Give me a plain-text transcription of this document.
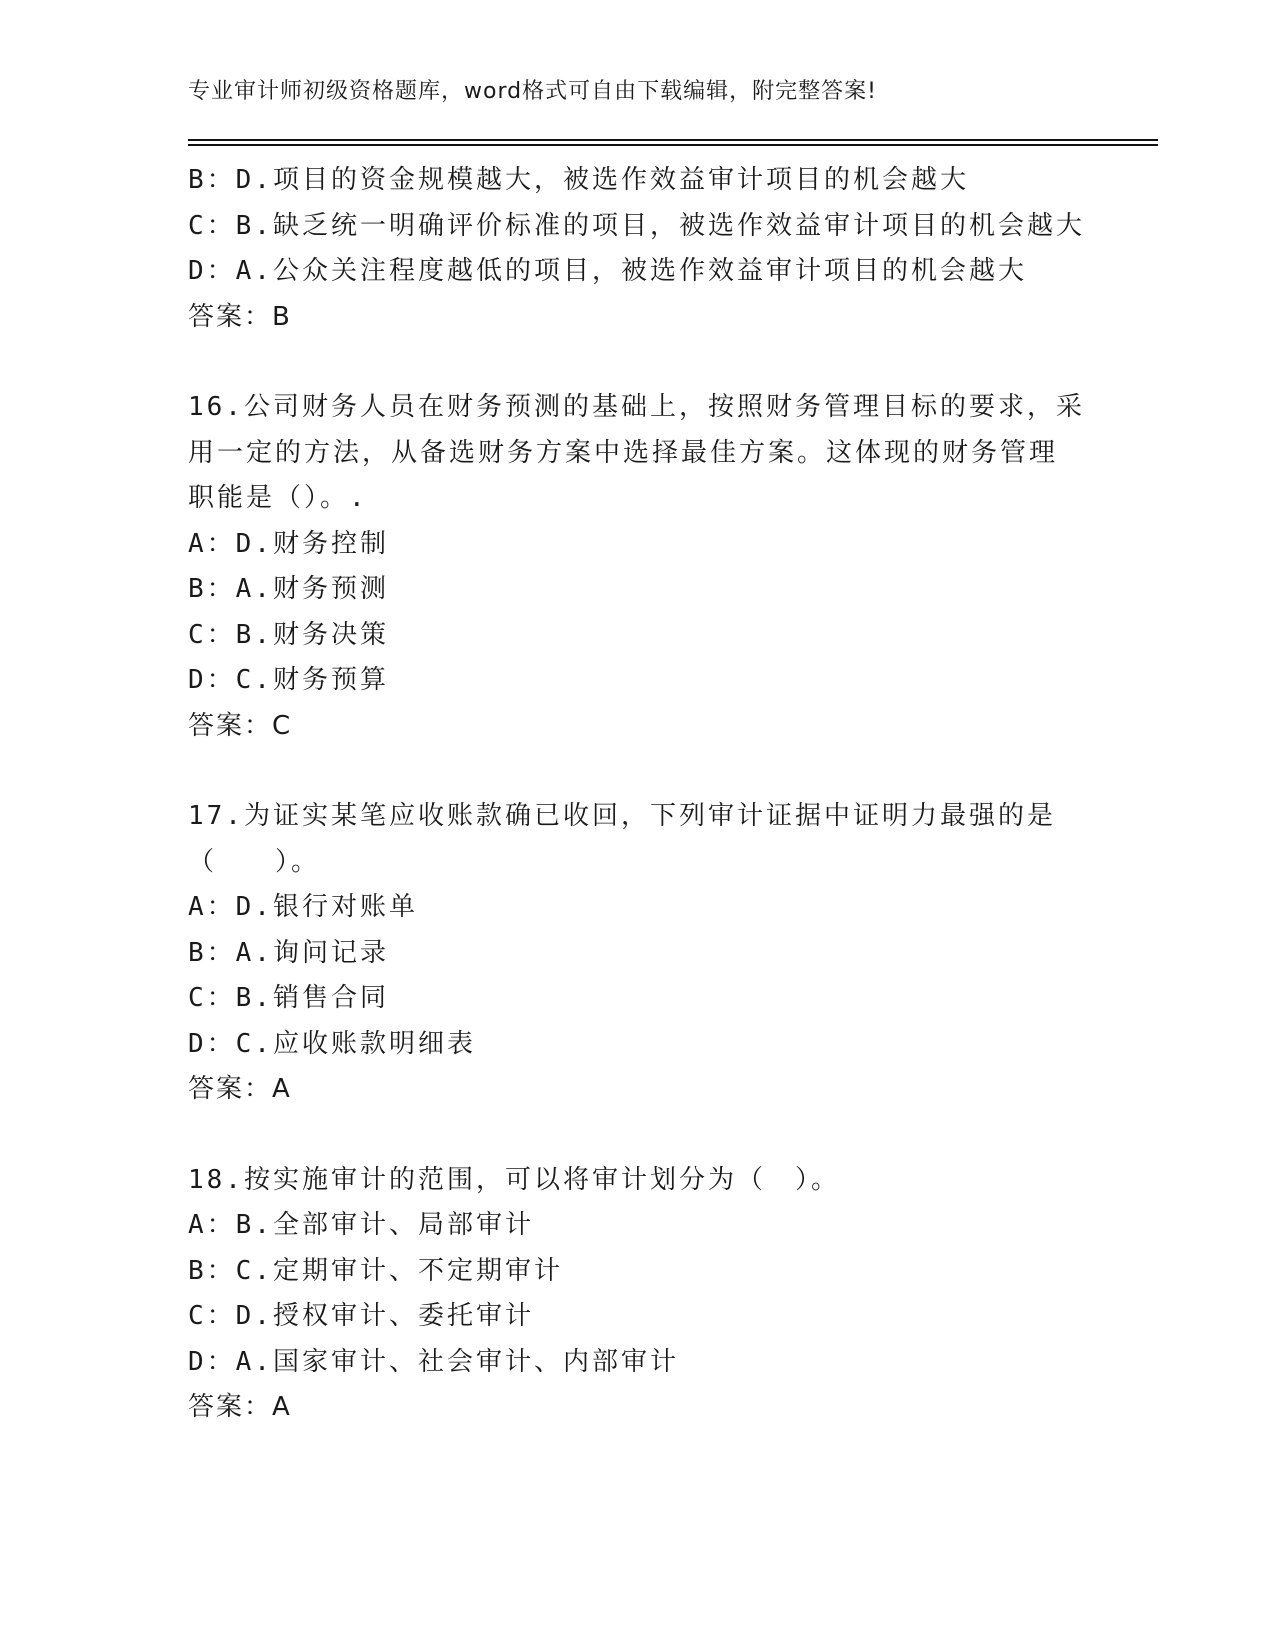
专业审计师初级资格题库，word格式可自由下载编辑，附完整答案!
B：D.项目的资金规模越大，被选作效益审计项目的机会越大
C：B.缺乏统一明确评价标准的项目，被选作效益审计项目的机会越大
D：A.公众关注程度越低的项目，被选作效益审计项目的机会越大
答案：B
16.公司财务人员在财务预测的基础上，按照财务管理目标的要求，采
用一定的方法，从备选财务方案中选择最佳方案。这体现的财务管理
职能是（）。.
A：D.财务控制
B：A.财务预测
C：B.财务决策
D：C.财务预算
答案：C
17.为证实某笔应收账款确已收回，下列审计证据中证明力最强的是
（　　）。
A：D.银行对账单
B：A.询问记录
C：B.销售合同
D：C.应收账款明细表
答案：A
18.按实施审计的范围，可以将审计划分为（　）。
A：B.全部审计、局部审计
B：C.定期审计、不定期审计
C：D.授权审计、委托审计
D：A.国家审计、社会审计、内部审计
答案：A
